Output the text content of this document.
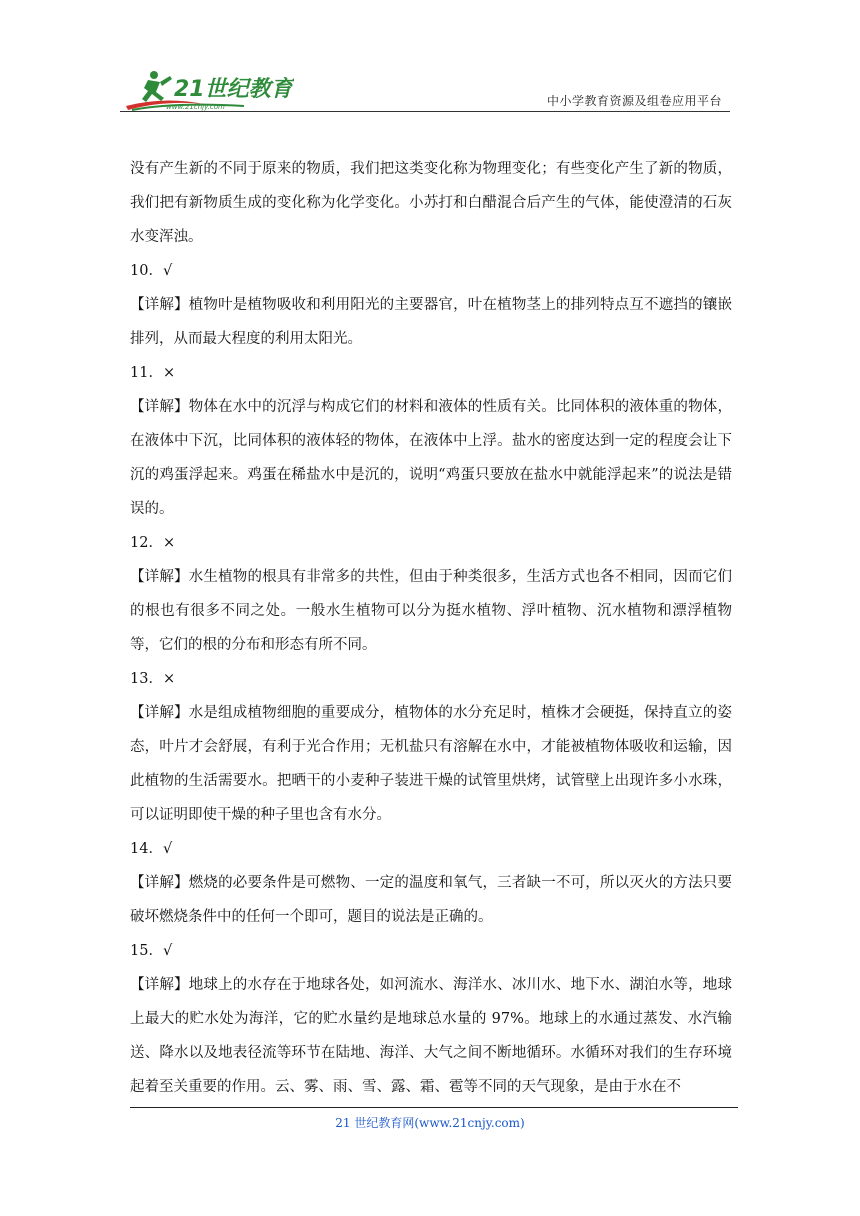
21世纪教育
www.21cnjy.com	中小学教育资源及组卷应用平台

没有产生新的不同于原来的物质，我们把这类变化称为物理变化；有些变化产生了新的物质，我们把有新物质生成的变化称为化学变化。小苏打和白醋混合后产生的气体，能使澄清的石灰水变浑浊。

10．√

【详解】植物叶是植物吸收和利用阳光的主要器官，叶在植物茎上的排列特点互不遮挡的镶嵌排列，从而最大程度的利用太阳光。

11．×

【详解】物体在水中的沉浮与构成它们的材料和液体的性质有关。比同体积的液体重的物体，在液体中下沉，比同体积的液体轻的物体，在液体中上浮。盐水的密度达到一定的程度会让下沉的鸡蛋浮起来。鸡蛋在稀盐水中是沉的，说明“鸡蛋只要放在盐水中就能浮起来”的说法是错误的。

12．×

【详解】水生植物的根具有非常多的共性，但由于种类很多，生活方式也各不相同，因而它们的根也有很多不同之处。一般水生植物可以分为挺水植物、浮叶植物、沉水植物和漂浮植物等，它们的根的分布和形态有所不同。

13．×

【详解】水是组成植物细胞的重要成分，植物体的水分充足时，植株才会硬挺，保持直立的姿态，叶片才会舒展，有利于光合作用；无机盐只有溶解在水中，才能被植物体吸收和运输，因此植物的生活需要水。把晒干的小麦种子装进干燥的试管里烘烤，试管壁上出现许多小水珠，可以证明即使干燥的种子里也含有水分。

14．√

【详解】燃烧的必要条件是可燃物、一定的温度和氧气，三者缺一不可，所以灭火的方法只要破坏燃烧条件中的任何一个即可，题目的说法是正确的。

15．√

【详解】地球上的水存在于地球各处，如河流水、海洋水、冰川水、地下水、湖泊水等，地球上最大的贮水处为海洋，它的贮水量约是地球总水量的 97%。地球上的水通过蒸发、水汽输送、降水以及地表径流等环节在陆地、海洋、大气之间不断地循环。水循环对我们的生存环境起着至关重要的作用。云、雾、雨、雪、露、霜、雹等不同的天气现象，是由于水在不

21 世纪教育网(www.21cnjy.com)
